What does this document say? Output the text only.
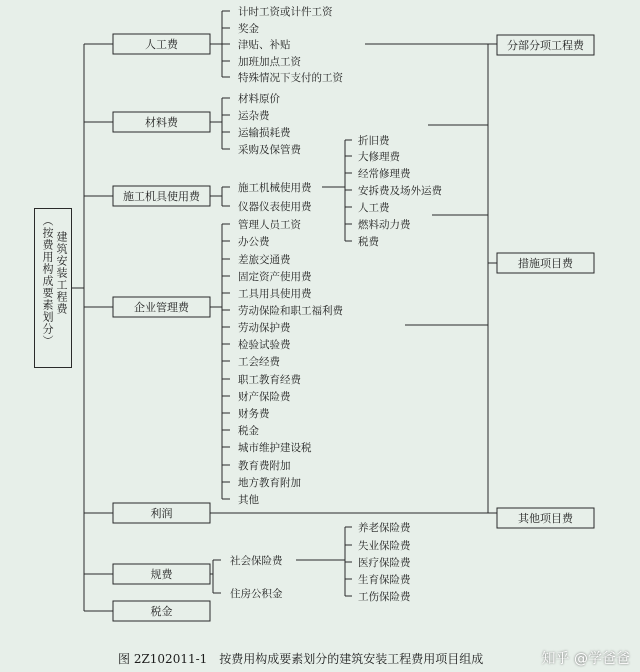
人工费
材料费
施工机具使用费
企业管理费
利润
规费
税金
分部分项工程费
措施项目费
其他项目费
计时工资或计件工资
奖金
津贴、补贴
加班加点工资
特殊情况下支付的工资
材料原价
运杂费
运输损耗费
采购及保管费
施工机械使用费
仪器仪表使用费
折旧费
大修理费
经常修理费
安拆费及场外运费
人工费
燃料动力费
税费
管理人员工资
办公费
差旅交通费
固定资产使用费
工具用具使用费
劳动保险和职工福利费
劳动保护费
检验试验费
工会经费
职工教育经费
财产保险费
财务费
税金
城市维护建设税
教育费附加
地方教育附加
其他
社会保险费
住房公积金
养老保险费
失业保险费
医疗保险费
生育保险费
工伤保险费
（按费用构成要素划分） 建筑安装工程费
图 2Z102011-1　按费用构成要素划分的建筑安装工程费用项目组成	知乎 @学爸爸
